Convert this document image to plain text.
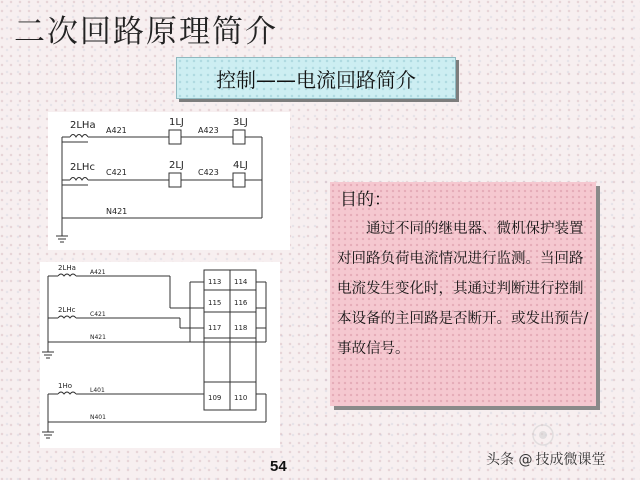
二次回路原理简介
控制——电流回路简介
2LHa A421
1LJ
A423
3LJ
2LHc C421
2LJ
C423
4LJ
N421
2LHa
A421
2LHc
C421
N421
1Ho
L401
N401
113 114
115 116
117 118
109 110
目的：
通过不同的继电器、微机保护装置对回路负荷电流情况进行监测。当回路电流发生变化时，其通过判断进行控制本设备的主回路是否断开。或发出预告/事故信号。
54	头条 @ 技成微课堂
